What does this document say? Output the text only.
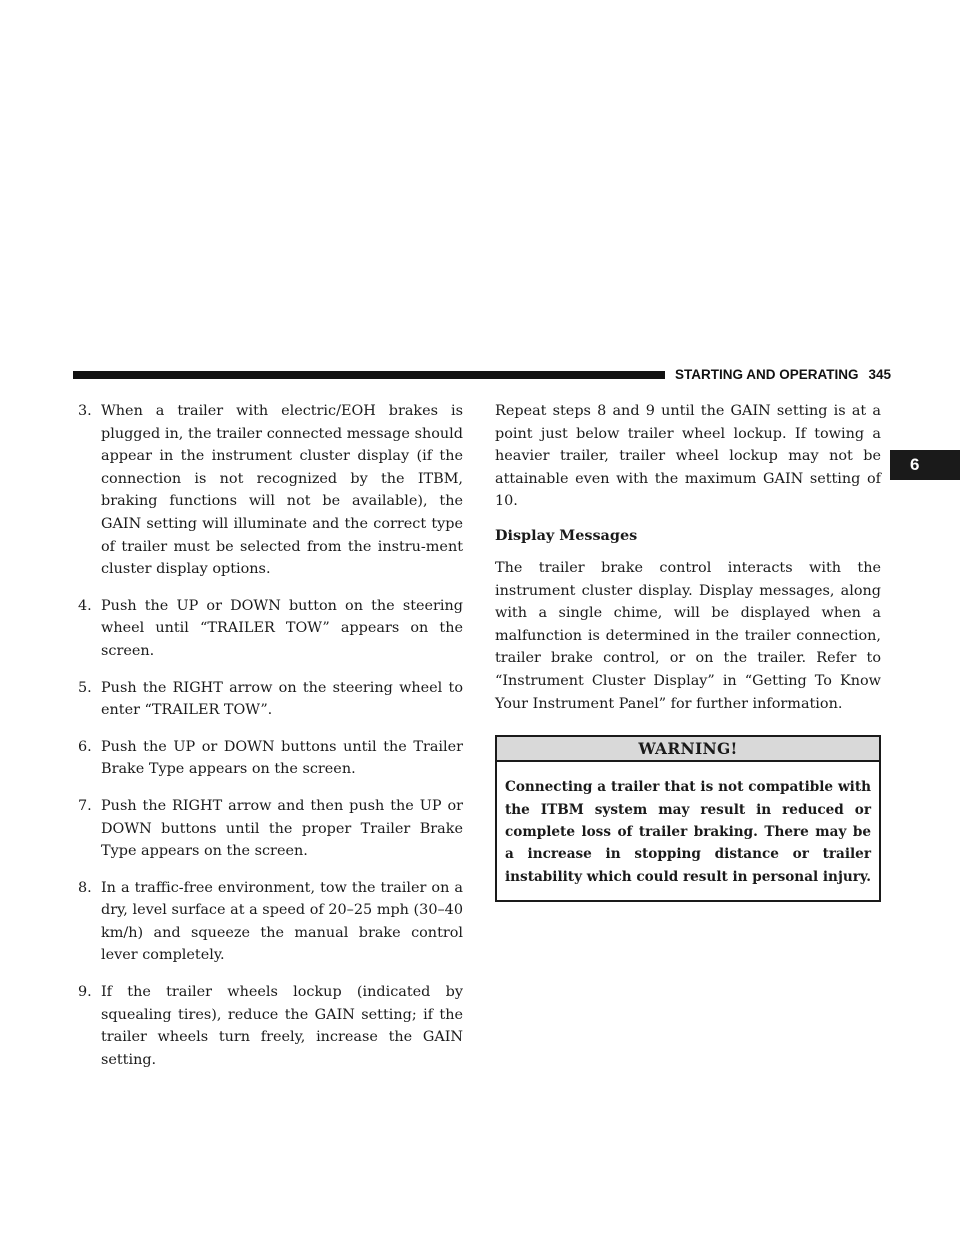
STARTING AND OPERATING 345
6
3. When a trailer with electric/EOH brakes is plugged in, the trailer connected message should appear in the instrument cluster display (if the connection is not recognized by the ITBM, braking functions will not be available), the GAIN setting will illuminate and the correct type of trailer must be selected from the instru-ment cluster display options.
4. Push the UP or DOWN button on the steering wheel until “TRAILER TOW” appears on the screen.
5. Push the RIGHT arrow on the steering wheel to enter “TRAILER TOW”.
6. Push the UP or DOWN buttons until the Trailer Brake Type appears on the screen.
7. Push the RIGHT arrow and then push the UP or DOWN buttons until the proper Trailer Brake Type appears on the screen.
8. In a traffic-free environment, tow the trailer on a dry, level surface at a speed of 20–25 mph (30–40 km/h) and squeeze the manual brake control lever completely.
9. If the trailer wheels lockup (indicated by squealing tires), reduce the GAIN setting; if the trailer wheels turn freely, increase the GAIN setting.

Repeat steps 8 and 9 until the GAIN setting is at a point just below trailer wheel lockup. If towing a heavier trailer, trailer wheel lockup may not be attainable even with the maximum GAIN setting of 10.

Display Messages

The trailer brake control interacts with the instrument cluster display. Display messages, along with a single chime, will be displayed when a malfunction is determined in the trailer connection, trailer brake control, or on the trailer. Refer to “Instrument Cluster Display” in “Getting To Know Your Instrument Panel” for further information.

WARNING!
Connecting a trailer that is not compatible with the ITBM system may result in reduced or complete loss of trailer braking. There may be a increase in stopping distance or trailer instability which could result in personal injury.
